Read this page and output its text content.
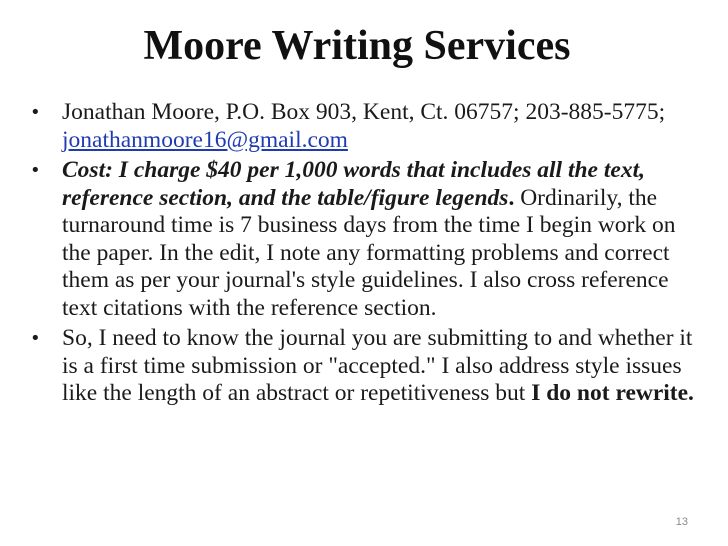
Moore Writing Services
• Jonathan Moore, P.O. Box 903, Kent, Ct. 06757; 203-885-5775; jonathanmoore16@gmail.com
• Cost: I charge $40 per 1,000 words that includes all the text, reference section, and the table/figure legends. Ordinarily, the turnaround time is 7 business days from the time I begin work on the paper. In the edit, I note any formatting problems and correct them as per your journal's style guidelines. I also cross reference text citations with the reference section.
• So, I need to know the journal you are submitting to and whether it is a first time submission or "accepted." I also address style issues like the length of an abstract or repetitiveness but I do not rewrite.
13
